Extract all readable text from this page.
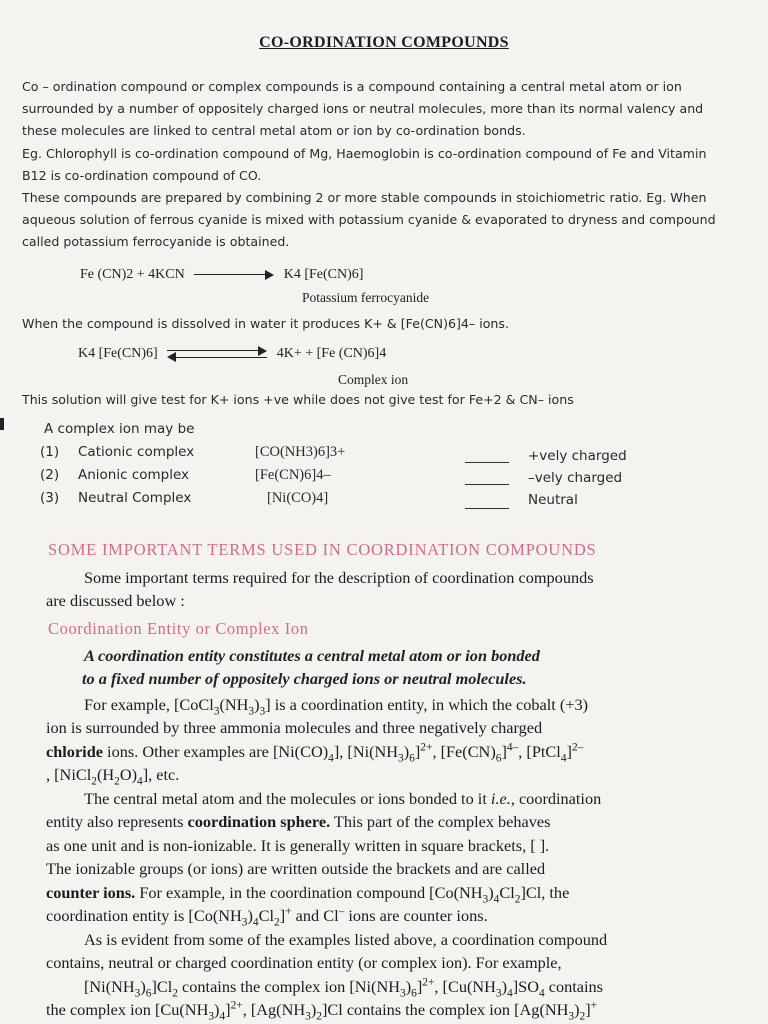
CO-ORDINATION COMPOUNDS
Co – ordination compound or complex compounds is a compound containing a central metal atom or ion
surrounded by a number of oppositely charged ions or neutral molecules, more than its normal valency and
these molecules are linked to central metal atom or ion by co-ordination bonds.
Eg. Chlorophyll is co-ordination compound of Mg, Haemoglobin is co-ordination compound of Fe and Vitamin
B12 is co-ordination compound of CO.
These compounds are prepared by combining 2 or more stable compounds in stoichiometric ratio. Eg. When
aqueous solution of ferrous cyanide is mixed with potassium cyanide & evaporated to dryness and compound
called potassium ferrocyanide is obtained.
Fe (CN)2 + 4KCN	K4 [Fe(CN)6]
Potassium ferrocyanide
When the compound is dissolved in water it produces K+ & [Fe(CN)6]4– ions.
K4 [Fe(CN)6]	4K+ + [Fe (CN)6]4
Complex ion
This solution will give test for K+ ions +ve while does not give test for Fe+2 & CN– ions
A complex ion may be
(1) Cationic complex	[CO(NH3)6]3+	+vely charged
(2) Anionic complex	[Fe(CN)6]4–	–vely charged
(3) Neutral Complex	[Ni(CO)4]	Neutral
SOME IMPORTANT TERMS USED IN COORDINATION COMPOUNDS
Some important terms required for the description of coordination compounds
are discussed below :
Coordination Entity or Complex Ion
A coordination entity constitutes a central metal atom or ion bonded
to a fixed number of oppositely charged ions or neutral molecules.
For example, $[CoCl_3(NH_3)_3]$ is a coordination entity, in which the cobalt (+3)
ion is surrounded by three ammonia molecules and three negatively charged
chloride ions. Other examples are $[Ni(CO)_4]$, $[Ni(NH_3)_6]^{2+}$, $[Fe(CN)_6]^{4-}$, [PtCl$_4$]$^{2-}$
, $[NiCl_2(H_2O)_4]$, etc.
The central metal atom and the molecules or ions bonded to it i.e., coordination
entity also represents coordination sphere. This part of the complex behaves
as one unit and is non-ionizable. It is generally written in square brackets, [ ].
The ionizable groups (or ions) are written outside the brackets and are called
counter ions. For example, in the coordination compound $[Co(NH_3)_4Cl_2]Cl$, the
coordination entity is $[Co(NH_3)_4Cl_2]^+$ and Cl– ions are counter ions.
As is evident from some of the examples listed above, a coordination compound
contains, neutral or charged coordination entity (or complex ion). For example,
$[Ni(NH_3)_6]Cl_2$ contains the complex ion $[Ni(NH_3)_6]^{2+}$, $[Cu(NH_3)_4]SO_4$ contains
the complex ion $[Cu(NH_3)_4]^{2+}$, $[Ag(NH_3)_2]Cl$ contains the complex ion $[Ag(NH_3)_2]^+$
